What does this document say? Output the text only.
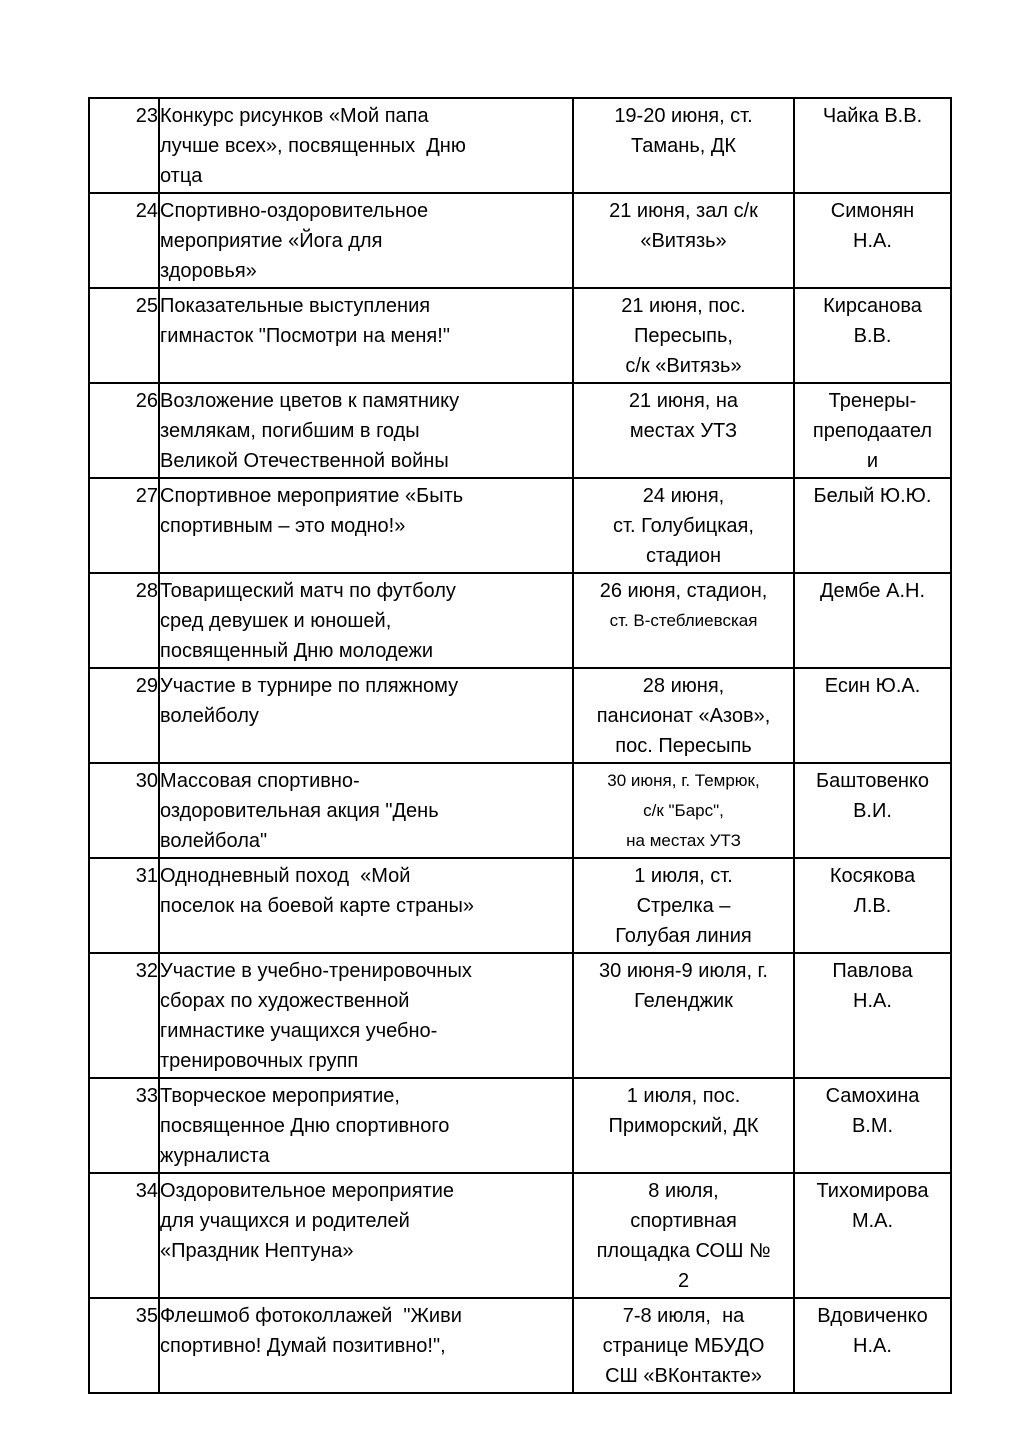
23	Конкурс рисунков «Мой папа
лучше всех», посвященных  Дню
отца

19-20 июня, ст.
Тамань, ДК

Чайка В.В.

24	Спортивно-оздоровительное
мероприятие «Йога для
здоровья»

21 июня, зал с/к
«Витязь»

Симонян
Н.А.

25	Показательные выступления
гимнасток "Посмотри на меня!"

21 июня, пос.
Пересыпь,
с/к «Витязь»

Кирсанова
В.В.

26	Возложение цветов к памятнику
землякам, погибшим в годы
Великой Отечественной войны

21 июня, на
местах УТЗ

Тренеры-
преподаател
и

27	Спортивное мероприятие «Быть
спортивным – это модно!»

24 июня,
ст. Голубицкая,
стадион

Белый Ю.Ю.

28	Товарищеский матч по футболу
сред девушек и юношей,
посвященный Дню молодежи

26 июня, стадион,
ст. В-стеблиевская

Дембе А.Н.

29	Участие в турнире по пляжному
волейболу

28 июня,
пансионат «Азов»,
пос. Пересыпь

Есин Ю.А.

30	Массовая спортивно-
оздоровительная акция "День
волейбола"

30 июня, г. Темрюк,
с/к "Барс",
на местах УТЗ

Баштовенко
В.И.

31	Однодневный поход  «Мой
поселок на боевой карте страны»

1 июля, ст.
Стрелка –
Голубая линия

Косякова
Л.В.

32	Участие в учебно-тренировочных
сборах по художественной
гимнастике учащихся учебно-
тренировочных групп

30 июня-9 июля, г.
Геленджик

Павлова
Н.А.

33	Творческое мероприятие,
посвященное Дню спортивного
журналиста

1 июля, пос.
Приморский, ДК

Самохина
В.М.

34	Оздоровительное мероприятие
для учащихся и родителей
«Праздник Нептуна»

8 июля,
спортивная
площадка СОШ №
2

Тихомирова
М.А.

35	Флешмоб фотоколлажей  "Живи
спортивно! Думай позитивно!",

7-8 июля,  на
странице МБУДО
СШ «ВКонтакте»

Вдовиченко
Н.А.
